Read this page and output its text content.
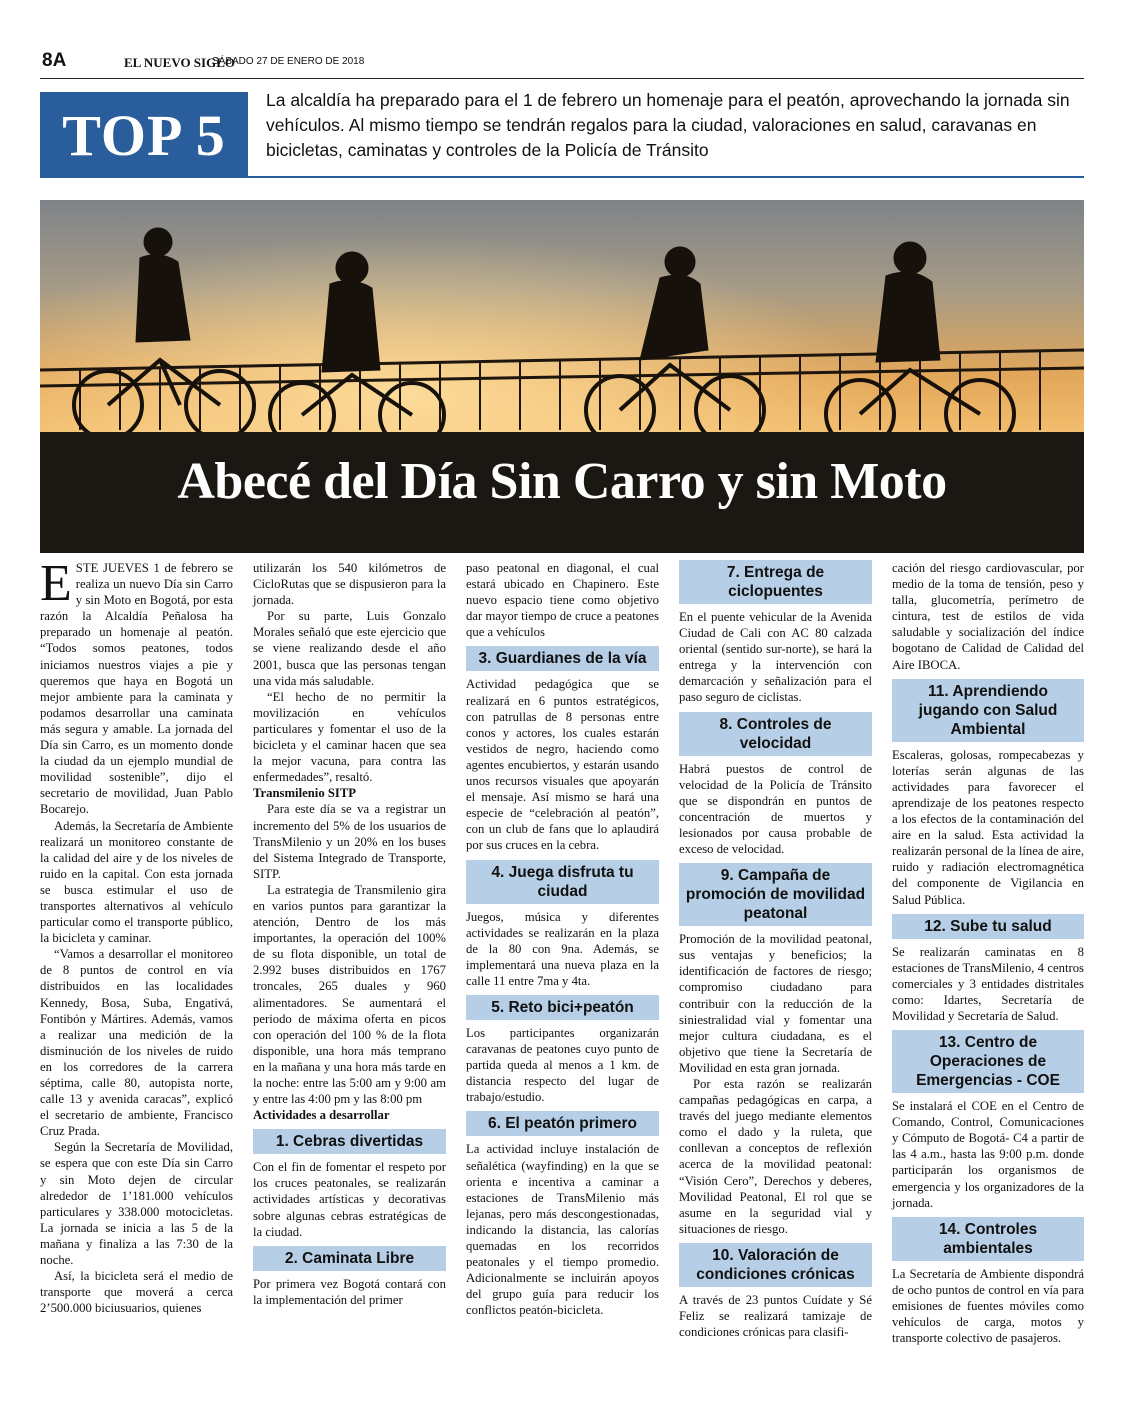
8A	EL NUEVO SIGLO
SÁBADO 27 DE ENERO DE 2018
TOP 5
La alcaldía ha preparado para el 1 de febrero un homenaje para el peatón, aprovechando la jornada sin vehículos. Al mismo tiempo se tendrán regalos para la ciudad, valoraciones en salud, caravanas en bicicletas, caminatas y controles de la Policía de Tránsito
Abecé del Día Sin Carro y sin Moto

ESTE JUEVES 1 de febrero se realiza un nuevo Día sin Carro y sin Moto en Bogotá, por esta razón la Alcaldía Peñalosa ha preparado un homenaje al peatón. “Todos somos peatones, todos iniciamos nuestros viajes a pie y queremos que haya en Bogotá un mejor ambiente para la caminata y podamos desarrollar una caminata más segura y amable. La jornada del Día sin Carro, es un momento donde la ciudad da un ejemplo mundial de movilidad sostenible”, dijo el secretario de movilidad, Juan Pablo Bocarejo.

Además, la Secretaría de Ambiente realizará un monitoreo constante de la calidad del aire y de los niveles de ruido en la capital. Con esta jornada se busca estimular el uso de transportes alternativos al vehículo particular como el transporte público, la bicicleta y caminar.

“Vamos a desarrollar el monitoreo de 8 puntos de control en vía distribuidos en las localidades Kennedy, Bosa, Suba, Engativá, Fontibón y Mártires. Además, vamos a realizar una medición de la disminución de los niveles de ruido en los corredores de la carrera séptima, calle 80, autopista norte, calle 13 y avenida caracas”, explicó el secretario de ambiente, Francisco Cruz Prada.

Según la Secretaría de Movilidad, se espera que con este Día sin Carro y sin Moto dejen de circular alrededor de 1’181.000 vehículos particulares y 338.000 motocicletas. La jornada se inicia a las 5 de la mañana y finaliza a las 7:30 de la noche.

Así, la bicicleta será el medio de transporte que moverá a cerca 2’500.000 biciusuarios, quienes

utilizarán los 540 kilómetros de CicloRutas que se dispusieron para la jornada.

Por su parte, Luis Gonzalo Morales señaló que este ejercicio que se viene realizando desde el año 2001, busca que las personas tengan una vida más saludable.

“El hecho de no permitir la movilización en vehículos particulares y fomentar el uso de la bicicleta y el caminar hacen que sea la mejor vacuna, para contra las enfermedades”, resaltó.

Transmilenio SITP

Para este día se va a registrar un incremento del 5% de los usuarios de TransMilenio y un 20% en los buses del Sistema Integrado de Transporte, SITP.

La estrategia de Transmilenio gira en varios puntos para garantizar la atención, Dentro de los más importantes, la operación del 100% de su flota disponible, un total de 2.992 buses distribuidos en 1767 troncales, 265 duales y 960 alimentadores. Se aumentará el periodo de máxima oferta en picos con operación del 100 % de la flota disponible, una hora más temprano en la mañana y una hora más tarde en la noche: entre las 5:00 am y 9:00 am y entre las 4:00 pm y las 8:00 pm

Actividades a desarrollar

1. Cebras divertidas

Con el fin de fomentar el respeto por los cruces peatonales, se realizarán actividades artísticas y decorativas sobre algunas cebras estratégicas de la ciudad.

2. Caminata Libre

Por primera vez Bogotá contará con la implementación del primer

paso peatonal en diagonal, el cual estará ubicado en Chapinero. Este nuevo espacio tiene como objetivo dar mayor tiempo de cruce a peatones que a vehículos

3. Guardianes de la vía

Actividad pedagógica que se realizará en 6 puntos estratégicos, con patrullas de 8 personas entre conos y actores, los cuales estarán vestidos de negro, haciendo como agentes encubiertos, y estarán usando unos recursos visuales que apoyarán el mensaje. Así mismo se hará una especie de “celebración al peatón”, con un club de fans que lo aplaudirá por sus cruces en la cebra.

4. Juega disfruta tu ciudad

Juegos, música y diferentes actividades se realizarán en la plaza de la 80 con 9na. Además, se implementará una nueva plaza en la calle 11 entre 7ma y 4ta.

5. Reto bici+peatón

Los participantes organizarán caravanas de peatones cuyo punto de partida queda al menos a 1 km. de distancia respecto del lugar de trabajo/estudio.

6. El peatón primero

La actividad incluye instalación de señalética (wayfinding) en la que se orienta e incentiva a caminar a estaciones de TransMilenio más lejanas, pero más descongestionadas, indicando la distancia, las calorías quemadas en los recorridos peatonales y el tiempo promedio. Adicionalmente se incluirán apoyos del grupo guía para reducir los conflictos peatón-bicicleta.

7. Entrega de ciclopuentes

En el puente vehicular de la Avenida Ciudad de Cali con AC 80 calzada oriental (sentido sur-norte), se hará la entrega y la intervención con demarcación y señalización para el paso seguro de ciclistas.

8. Controles de velocidad

Habrá puestos de control de velocidad de la Policía de Tránsito que se dispondrán en puntos de concentración de muertos y lesionados por causa probable de exceso de velocidad.

9. Campaña de promoción de movilidad peatonal

Promoción de la movilidad peatonal, sus ventajas y beneficios; la identificación de factores de riesgo; compromiso ciudadano para contribuir con la reducción de la siniestralidad vial y fomentar una mejor cultura ciudadana, es el objetivo que tiene la Secretaría de Movilidad en esta gran jornada.

Por esta razón se realizarán campañas pedagógicas en carpa, a través del juego mediante elementos como el dado y la ruleta, que conllevan a conceptos de reflexión acerca de la movilidad peatonal: “Visión Cero”, Derechos y deberes, Movilidad Peatonal, El rol que se asume en la seguridad vial y situaciones de riesgo.

10. Valoración de condiciones crónicas

A través de 23 puntos Cuídate y Sé Feliz se realizará tamizaje de condiciones crónicas para clasifi-

cación del riesgo cardiovascular, por medio de la toma de tensión, peso y talla, glucometría, perímetro de cintura, test de estilos de vida saludable y socialización del índice bogotano de Calidad de Calidad del Aire IBOCA.

11. Aprendiendo jugando con Salud Ambiental

Escaleras, golosas, rompecabezas y loterías serán algunas de las actividades para favorecer el aprendizaje de los peatones respecto a los efectos de la contaminación del aire en la salud. Esta actividad la realizarán personal de la línea de aire, ruido y radiación electromagnética del componente de Vigilancia en Salud Pública.

12. Sube tu salud

Se realizarán caminatas en 8 estaciones de TransMilenio, 4 centros comerciales y 3 entidades distritales como: Idartes, Secretaría de Movilidad y Secretaría de Salud.

13. Centro de Operaciones de Emergencias - COE

Se instalará el COE en el Centro de Comando, Control, Comunicaciones y Cómputo de Bogotá- C4 a partir de las 4 a.m., hasta las 9:00 p.m. donde participarán los organismos de emergencia y los organizadores de la jornada.

14. Controles ambientales

La Secretaría de Ambiente dispondrá de ocho puntos de control en vía para emisiones de fuentes móviles como vehículos de carga, motos y transporte colectivo de pasajeros.
